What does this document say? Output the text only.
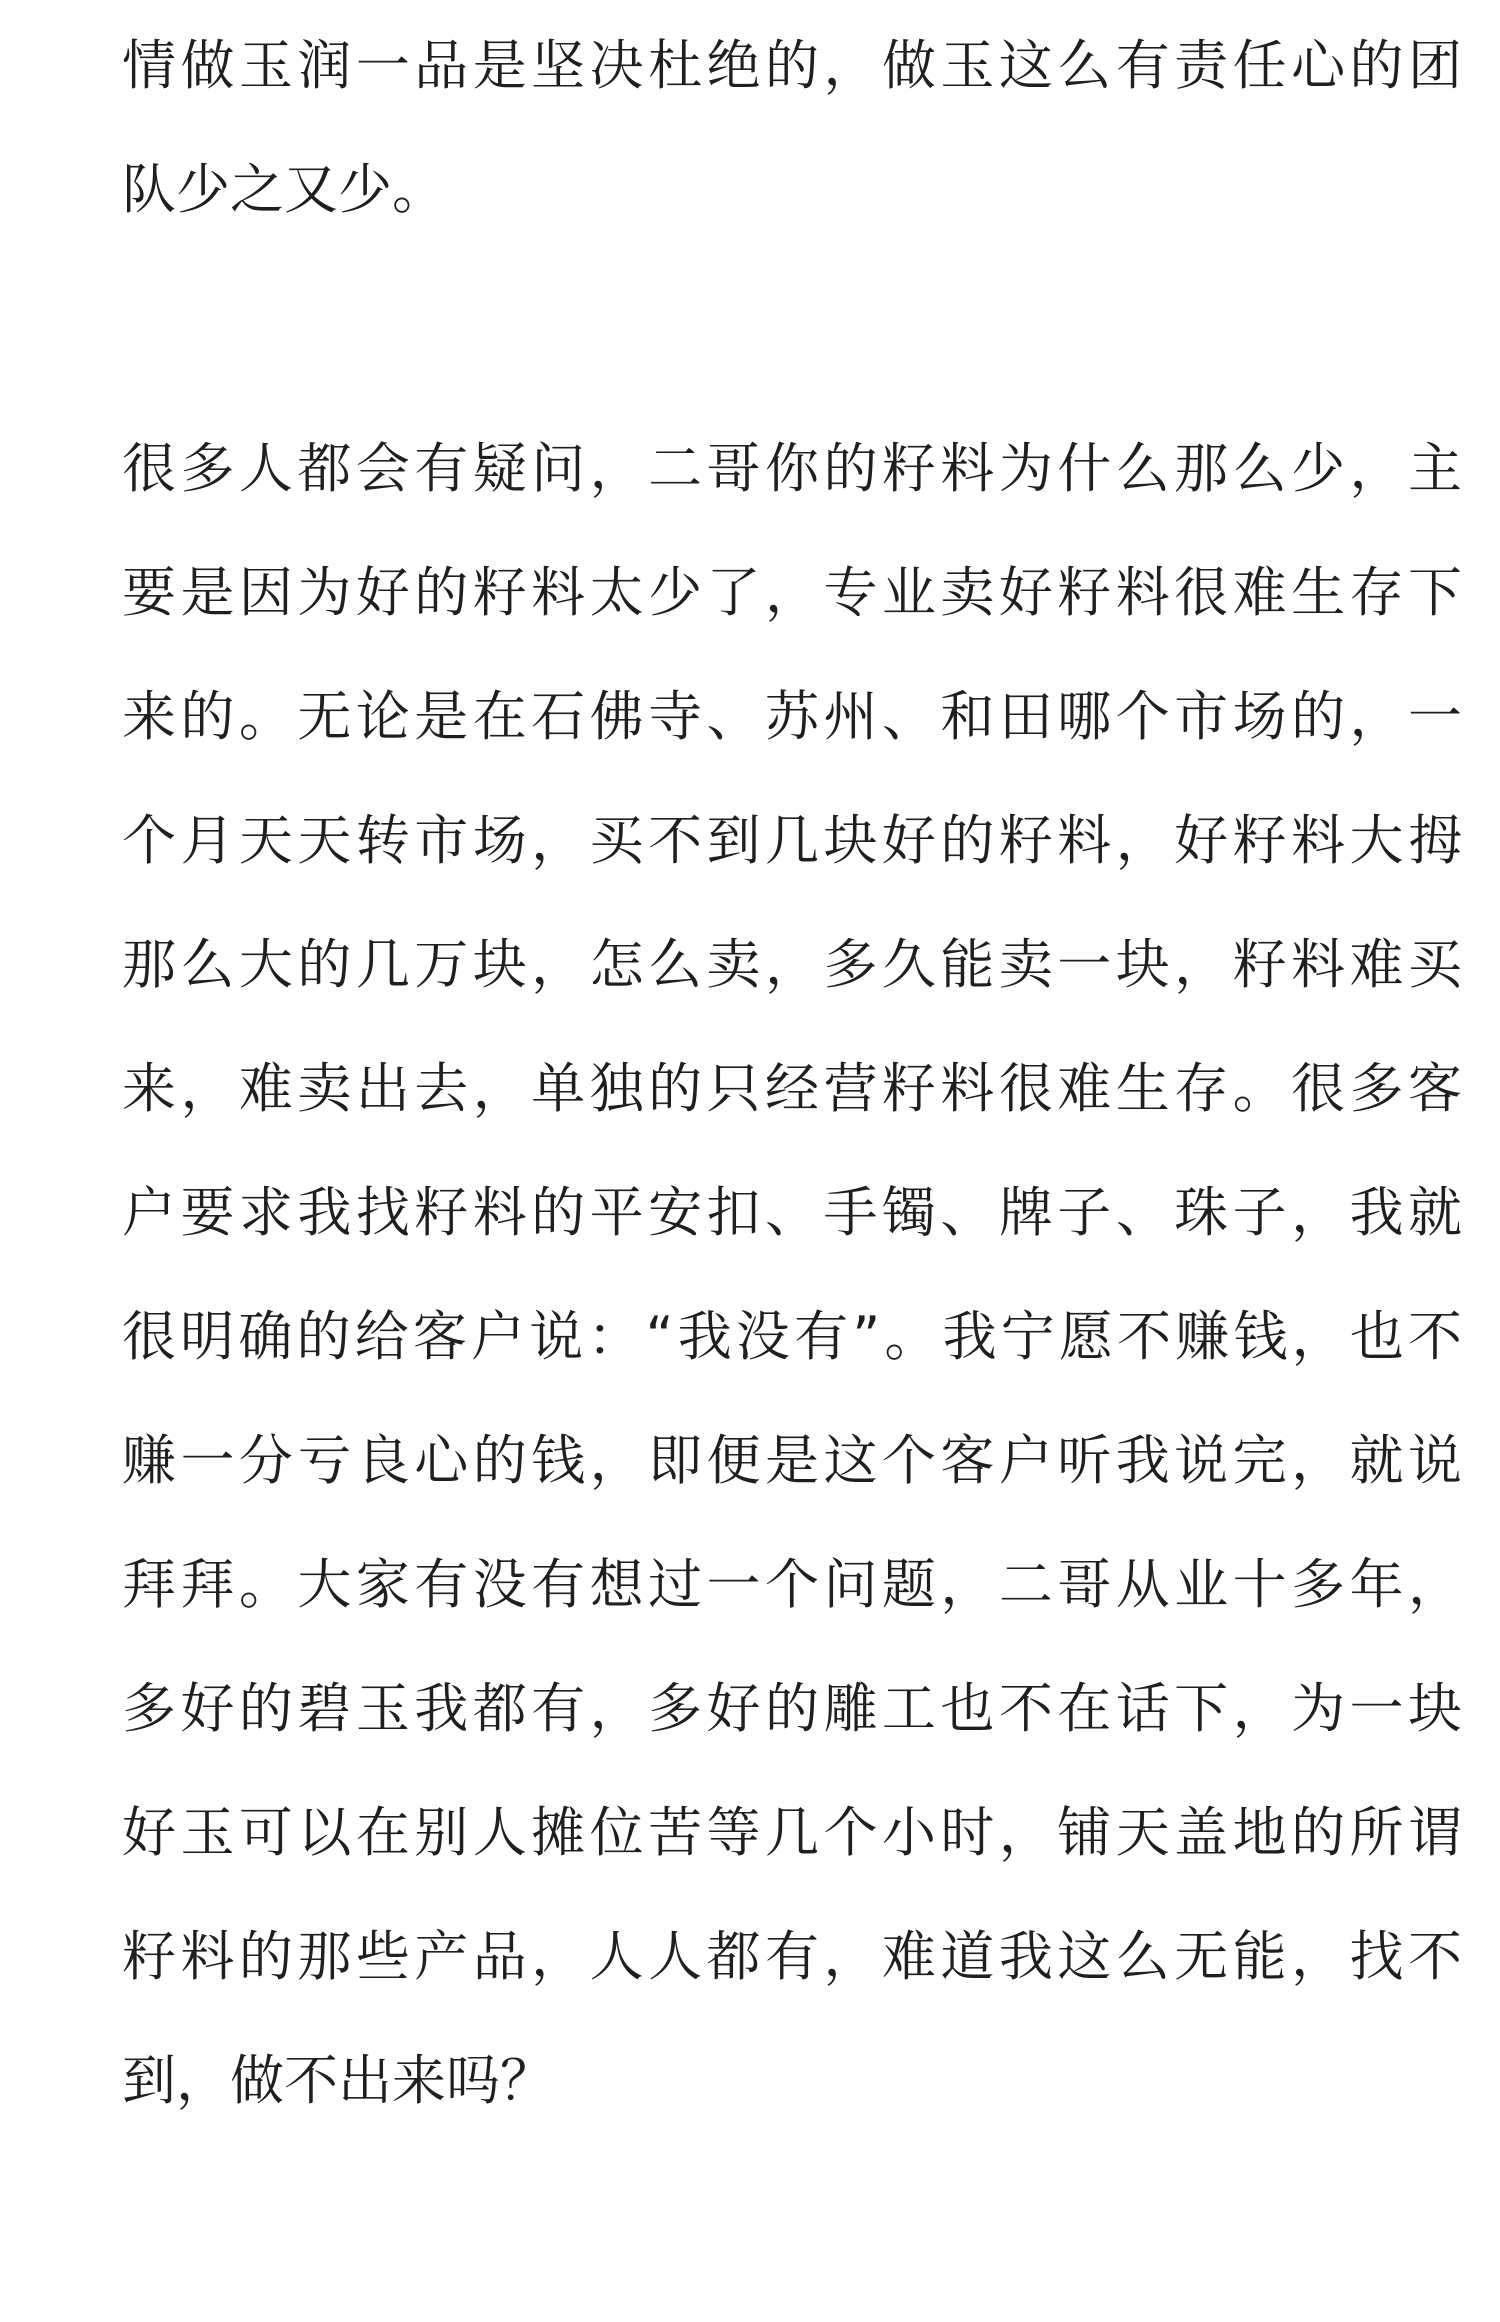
情做玉润一品是坚决杜绝的，做玉这么有责任心的团
队少之又少。
很多人都会有疑问，二哥你的籽料为什么那么少，主
要是因为好的籽料太少了，专业卖好籽料很难生存下
来的。无论是在石佛寺、苏州、和田哪个市场的，一
个月天天转市场，买不到几块好的籽料，好籽料大拇
那么大的几万块，怎么卖，多久能卖一块，籽料难买
来，难卖出去，单独的只经营籽料很难生存。很多客
户要求我找籽料的平安扣、手镯、牌子、珠子，我就
很明确的给客户说：“我没有”。我宁愿不赚钱，也不
赚一分亏良心的钱，即便是这个客户听我说完，就说
拜拜。大家有没有想过一个问题，二哥从业十多年，
多好的碧玉我都有，多好的雕工也不在话下，为一块
好玉可以在别人摊位苦等几个小时，铺天盖地的所谓
籽料的那些产品，人人都有，难道我这么无能，找不
到，做不出来吗？
